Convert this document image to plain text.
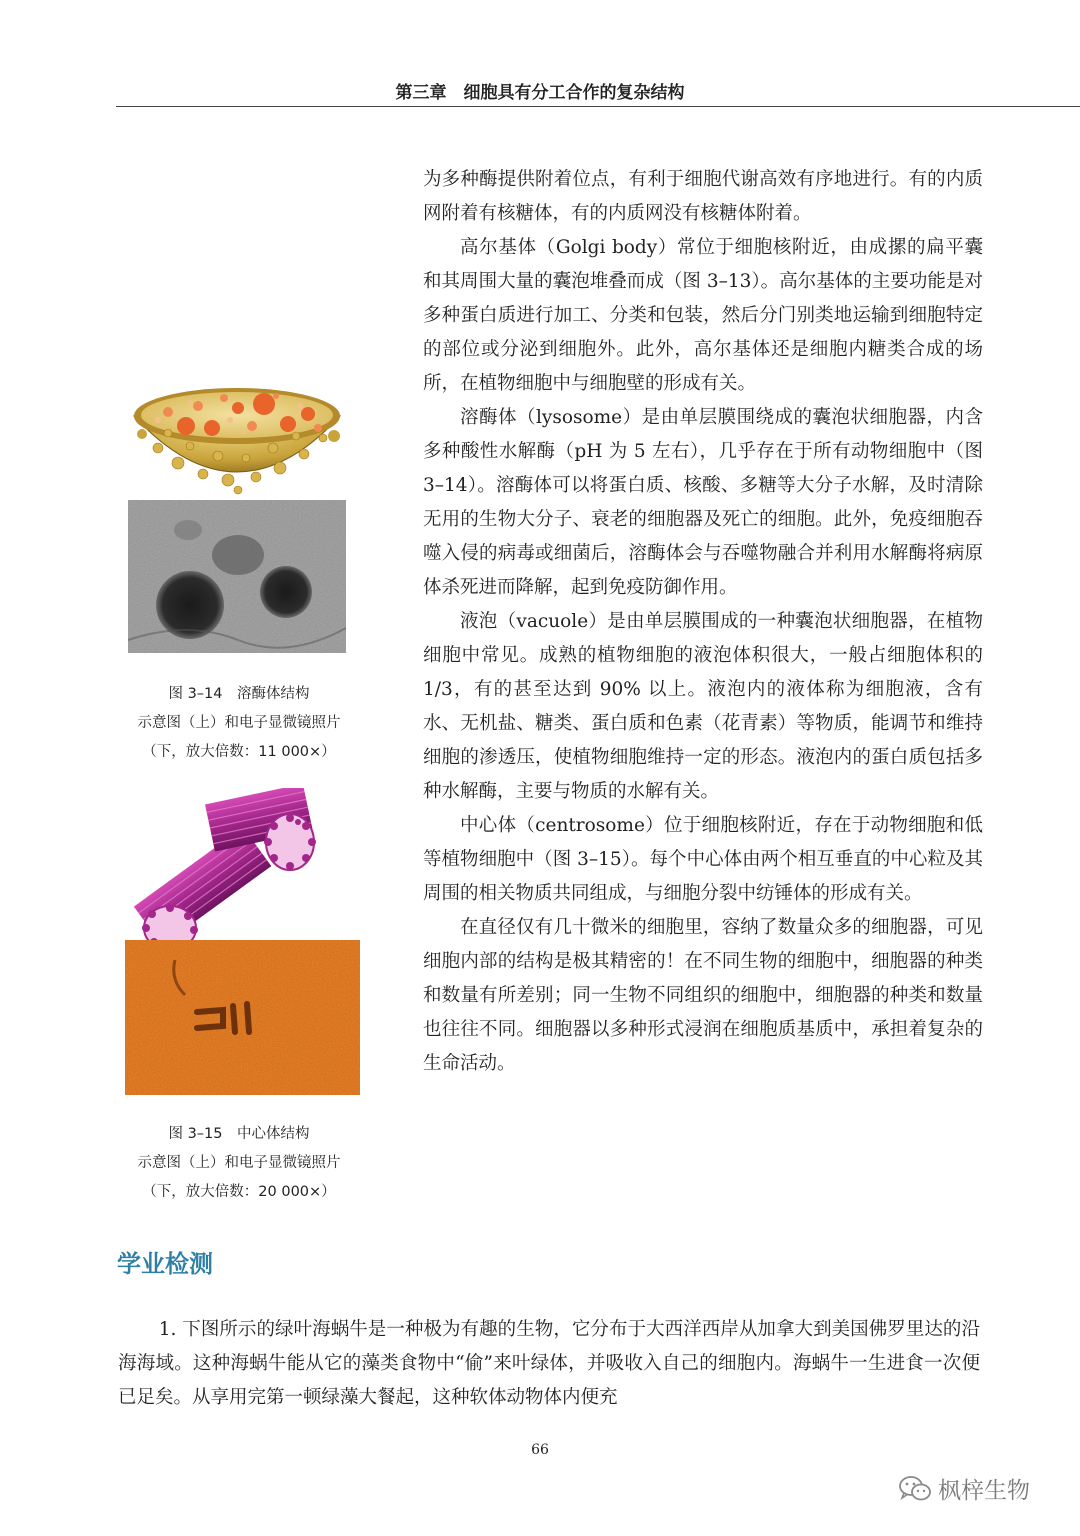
第三章　细胞具有分工合作的复杂结构
图 3–14　溶酶体结构
示意图（上）和电子显微镜照片
（下，放大倍数：11 000×）
图 3–15　中心体结构
示意图（上）和电子显微镜照片
（下，放大倍数：20 000×）

为多种酶提供附着位点，有利于细胞代谢高效有序地进行。有的内质网附着有核糖体，有的内质网没有核糖体附着。

高尔基体（Golgi body）常位于细胞核附近，由成摞的扁平囊和其周围大量的囊泡堆叠而成（图 3–13）。高尔基体的主要功能是对多种蛋白质进行加工、分类和包装，然后分门别类地运输到细胞特定的部位或分泌到细胞外。此外，高尔基体还是细胞内糖类合成的场所，在植物细胞中与细胞壁的形成有关。

溶酶体（lysosome）是由单层膜围绕成的囊泡状细胞器，内含多种酸性水解酶（pH 为 5 左右），几乎存在于所有动物细胞中（图 3–14）。溶酶体可以将蛋白质、核酸、多糖等大分子水解，及时清除无用的生物大分子、衰老的细胞器及死亡的细胞。此外，免疫细胞吞噬入侵的病毒或细菌后，溶酶体会与吞噬物融合并利用水解酶将病原体杀死进而降解，起到免疫防御作用。

液泡（vacuole）是由单层膜围成的一种囊泡状细胞器，在植物细胞中常见。成熟的植物细胞的液泡体积很大，一般占细胞体积的 1/3，有的甚至达到 90% 以上。液泡内的液体称为细胞液，含有水、无机盐、糖类、蛋白质和色素（花青素）等物质，能调节和维持细胞的渗透压，使植物细胞维持一定的形态。液泡内的蛋白质包括多种水解酶，主要与物质的水解有关。

中心体（centrosome）位于细胞核附近，存在于动物细胞和低等植物细胞中（图 3–15）。每个中心体由两个相互垂直的中心粒及其周围的相关物质共同组成，与细胞分裂中纺锤体的形成有关。

在直径仅有几十微米的细胞里，容纳了数量众多的细胞器，可见细胞内部的结构是极其精密的！在不同生物的细胞中，细胞器的种类和数量有所差别；同一生物不同组织的细胞中，细胞器的种类和数量也往往不同。细胞器以多种形式浸润在细胞质基质中，承担着复杂的生命活动。

学业检测

1. 下图所示的绿叶海蜗牛是一种极为有趣的生物，它分布于大西洋西岸从加拿大到美国佛罗里达的沿海海域。这种海蜗牛能从它的藻类食物中“偷”来叶绿体，并吸收入自己的细胞内。海蜗牛一生进食一次便已足矣。从享用完第一顿绿藻大餐起，这种软体动物体内便充

66
枫梓生物
